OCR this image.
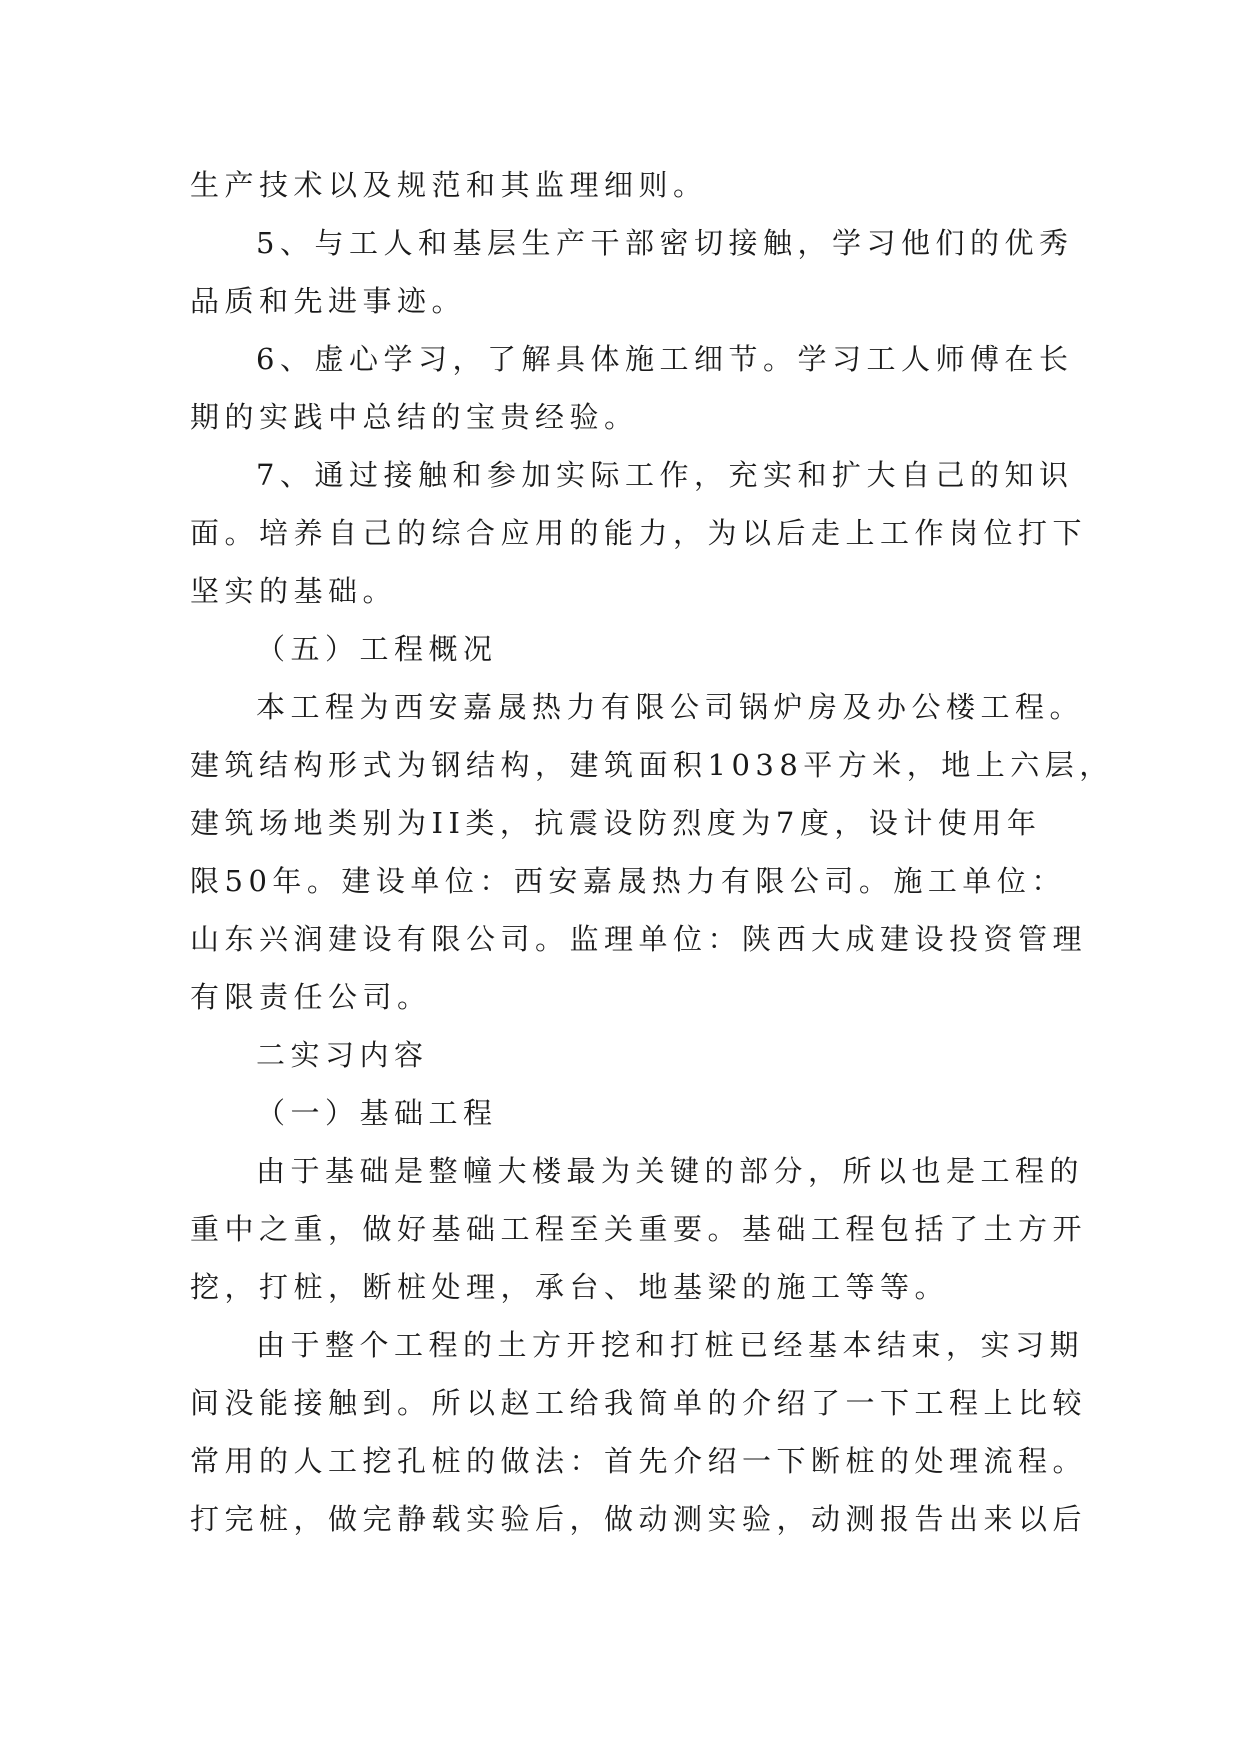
生产技术以及规范和其监理细则。
5、与工人和基层生产干部密切接触，学习他们的优秀
品质和先进事迹。
6、虚心学习，了解具体施工细节。学习工人师傅在长
期的实践中总结的宝贵经验。
7、通过接触和参加实际工作，充实和扩大自己的知识
面。培养自己的综合应用的能力，为以后走上工作岗位打下
坚实的基础。
（五）工程概况
本工程为西安嘉晟热力有限公司锅炉房及办公楼工程。
建筑结构形式为钢结构，建筑面积1038平方米，地上六层，
建筑场地类别为II类，抗震设防烈度为7度，设计使用年
限50年。建设单位：西安嘉晟热力有限公司。施工单位：
山东兴润建设有限公司。监理单位：陕西大成建设投资管理
有限责任公司。
二实习内容
（一）基础工程
由于基础是整幢大楼最为关键的部分，所以也是工程的
重中之重，做好基础工程至关重要。基础工程包括了土方开
挖，打桩，断桩处理，承台、地基梁的施工等等。
由于整个工程的土方开挖和打桩已经基本结束，实习期
间没能接触到。所以赵工给我简单的介绍了一下工程上比较
常用的人工挖孔桩的做法：首先介绍一下断桩的处理流程。
打完桩，做完静载实验后，做动测实验，动测报告出来以后
